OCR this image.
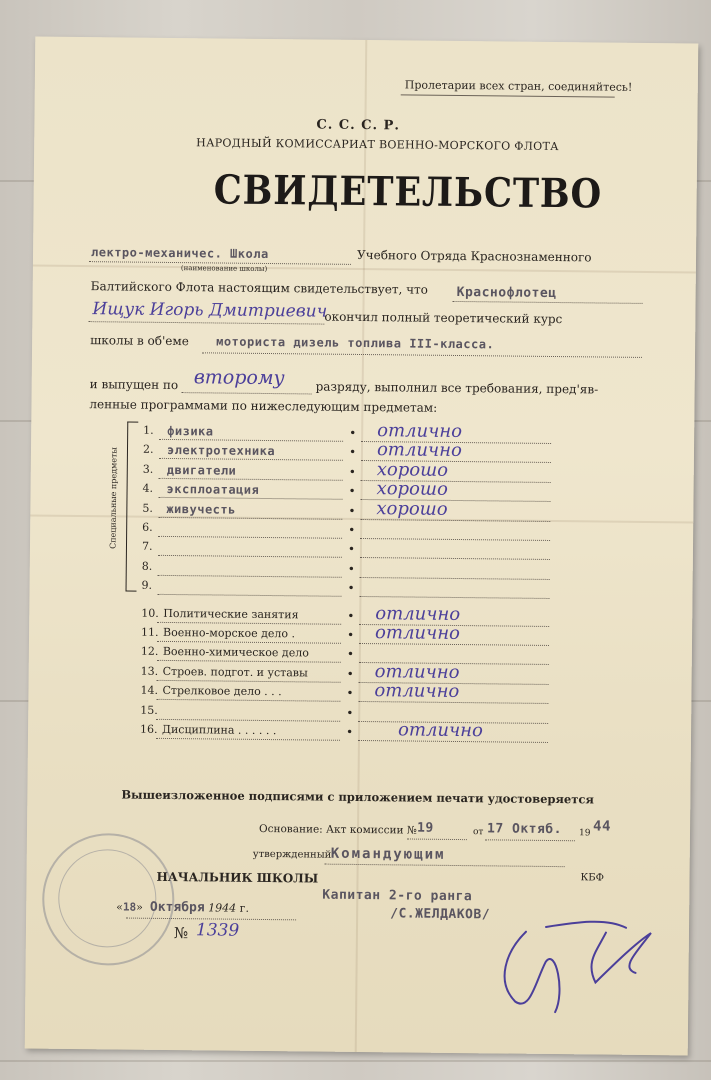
Пролетарии всех стран, соединяйтесь!
С. С. С. Р.
НАРОДНЫЙ КОМИССАРИАТ ВОЕННО-МОРСКОГО ФЛОТА
СВИДЕТЕЛЬСТВО
лектро-механичес. Школа
(наименование школы)
Учебного Отряда Краснознаменного
Балтийского Флота настоящим свидетельствует, что Краснофлотец
Ищук Игорь Дмитриевич
окончил полный теоретический курс
школы в об'еме моториста дизель топлива III-класса.
и выпущен по второму	разряду, выполнил все требования, пред'яв-
ленные программами по нижеследующим предметам:
Специальные предметы
1. физика	• отлично
2. электротехника	• отлично
3. двигатели	• хорошо
4. эксплоатация	• хорошо
5. живучесть	• хорошо
6.	•
7.	•
8.	•
9.	•
10. Политические занятия	• отлично
11. Военно-морское дело .	• отлично
12. Военно-химическое дело	•
13. Строев. подгот. и уставы	• отлично
14. Стрелковое дело . . .	• отлично
15.	•
16. Дисциплина . . . . . .	• отлично
Вышеизложенное подписями с приложением печати удостоверяется
Основание: Акт комиссии № 19	от 17 Октяб. 19 44
утвержденный Командующим
КБФ
НАЧАЛЬНИК ШКОЛЫ
Капитан 2-го ранга
«18»  Октября 1944 г.	/С.ЖЕЛДАКОВ/
№ 1339
